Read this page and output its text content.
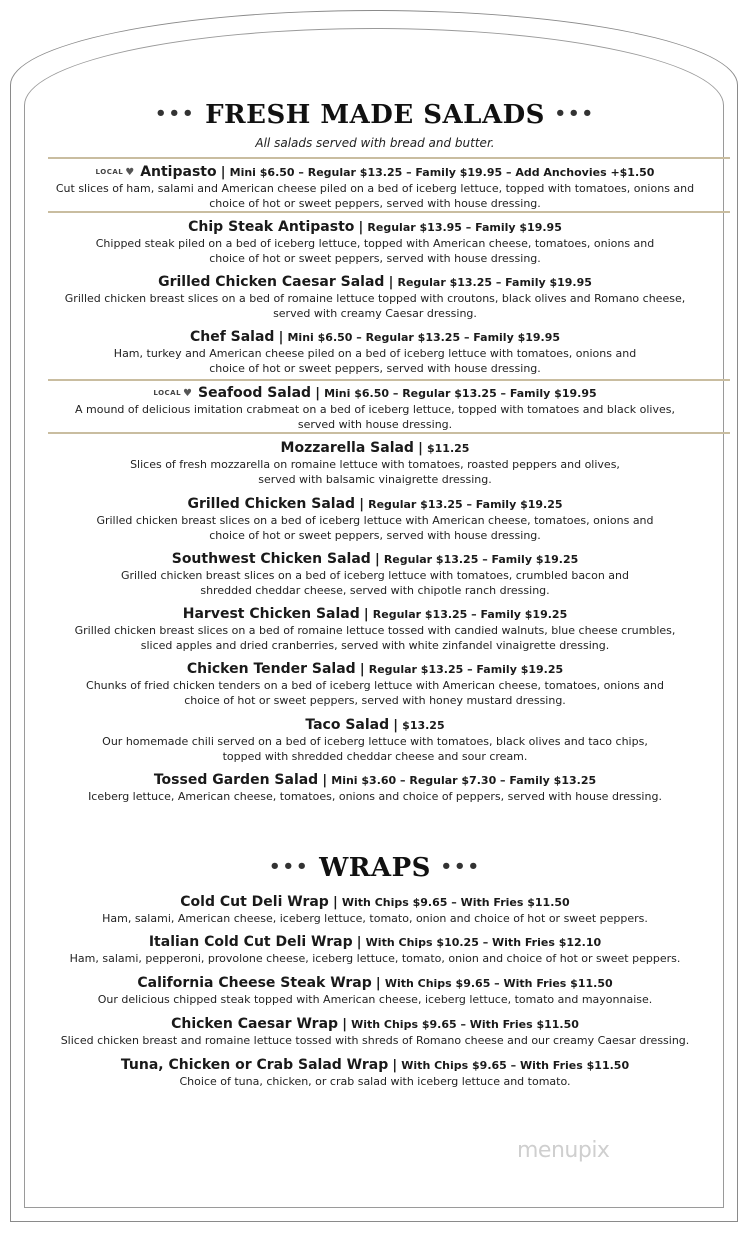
••• FRESH MADE SALADS •••
All salads served with bread and butter.
LOCAL ♥ Antipasto | Mini $6.50 – Regular $13.25 – Family $19.95 – Add Anchovies +$1.50
Cut slices of ham, salami and American cheese piled on a bed of iceberg lettuce, topped with tomatoes, onions and
choice of hot or sweet peppers, served with house dressing.
Chip Steak Antipasto | Regular $13.95 – Family $19.95
Chipped steak piled on a bed of iceberg lettuce, topped with American cheese, tomatoes, onions and
choice of hot or sweet peppers, served with house dressing.
Grilled Chicken Caesar Salad | Regular $13.25 – Family $19.95
Grilled chicken breast slices on a bed of romaine lettuce topped with croutons, black olives and Romano cheese,
served with creamy Caesar dressing.
Chef Salad | Mini $6.50 – Regular $13.25 – Family $19.95
Ham, turkey and American cheese piled on a bed of iceberg lettuce with tomatoes, onions and
choice of hot or sweet peppers, served with house dressing.
LOCAL ♥ Seafood Salad | Mini $6.50 – Regular $13.25 – Family $19.95
A mound of delicious imitation crabmeat on a bed of iceberg lettuce, topped with tomatoes and black olives,
served with house dressing.
Mozzarella Salad | $11.25
Slices of fresh mozzarella on romaine lettuce with tomatoes, roasted peppers and olives,
served with balsamic vinaigrette dressing.
Grilled Chicken Salad | Regular $13.25 – Family $19.25
Grilled chicken breast slices on a bed of iceberg lettuce with American cheese, tomatoes, onions and
choice of hot or sweet peppers, served with house dressing.
Southwest Chicken Salad | Regular $13.25 – Family $19.25
Grilled chicken breast slices on a bed of iceberg lettuce with tomatoes, crumbled bacon and
shredded cheddar cheese, served with chipotle ranch dressing.
Harvest Chicken Salad | Regular $13.25 – Family $19.25
Grilled chicken breast slices on a bed of romaine lettuce tossed with candied walnuts, blue cheese crumbles,
sliced apples and dried cranberries, served with white zinfandel vinaigrette dressing.
Chicken Tender Salad | Regular $13.25 – Family $19.25
Chunks of fried chicken tenders on a bed of iceberg lettuce with American cheese, tomatoes, onions and
choice of hot or sweet peppers, served with honey mustard dressing.
Taco Salad | $13.25
Our homemade chili served on a bed of iceberg lettuce with tomatoes, black olives and taco chips,
topped with shredded cheddar cheese and sour cream.
Tossed Garden Salad | Mini $3.60 – Regular $7.30 – Family $13.25
Iceberg lettuce, American cheese, tomatoes, onions and choice of peppers, served with house dressing.
••• WRAPS •••
Cold Cut Deli Wrap | With Chips $9.65 – With Fries $11.50
Ham, salami, American cheese, iceberg lettuce, tomato, onion and choice of hot or sweet peppers.
Italian Cold Cut Deli Wrap | With Chips $10.25 – With Fries $12.10
Ham, salami, pepperoni, provolone cheese, iceberg lettuce, tomato, onion and choice of hot or sweet peppers.
California Cheese Steak Wrap | With Chips $9.65 – With Fries $11.50
Our delicious chipped steak topped with American cheese, iceberg lettuce, tomato and mayonnaise.
Chicken Caesar Wrap | With Chips $9.65 – With Fries $11.50
Sliced chicken breast and romaine lettuce tossed with shreds of Romano cheese and our creamy Caesar dressing.
Tuna, Chicken or Crab Salad Wrap | With Chips $9.65 – With Fries $11.50
Choice of tuna, chicken, or crab salad with iceberg lettuce and tomato.
menupix
